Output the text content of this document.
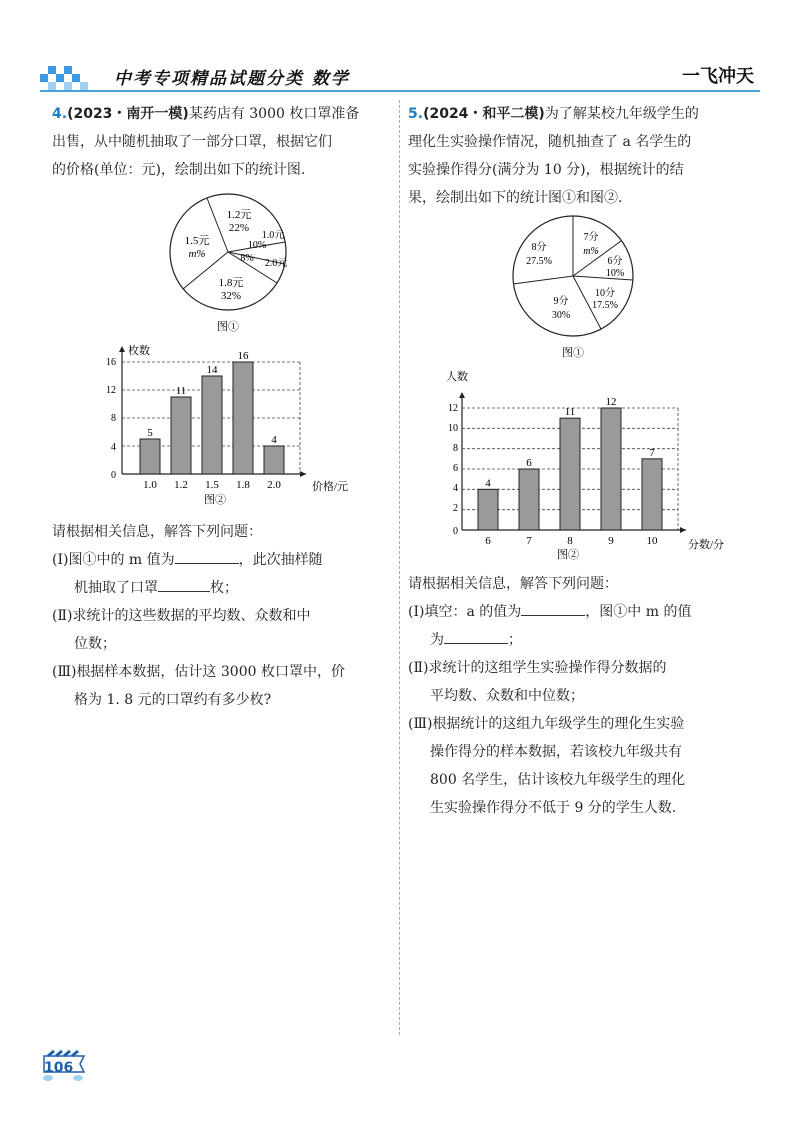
中考专项精品试题分类 数学	一飞冲天

4.(2023・南开一模)某药店有 3000 枚口罩准备

出售，从中随机抽取了一部分口罩，根据它们

的价格(单位：元)，绘制出如下的统计图.

1.2元
22%
1.0元
10%
8% 2.0元
1.8元
32%
1.5元
m%
图①
枚数
价格/元
图②
0
4
8
12
16
5
1.0
11
1.2
14
1.5
16
1.8
4
2.0

请根据相关信息，解答下列问题：

(Ⅰ)图①中的 m 值为	，此次抽样随

机抽取了口罩	枚；

(Ⅱ)求统计的这些数据的平均数、众数和中

位数；

(Ⅲ)根据样本数据，估计这 3000 枚口罩中，价

格为 1. 8 元的口罩约有多少枚?

5.(2024・和平二模)为了解某校九年级学生的

理化生实验操作情况，随机抽查了 a 名学生的

实验操作得分(满分为 10 分)，根据统计的结

果，绘制出如下的统计图①和图②.

7分
m%
6分
10%
10分
17.5%
9分
30%
8分
27.5%
图①
人数
分数/分
图②
0
2
4
6
8
10
12
4
6
6
7
11
8
12
9
7
10

请根据相关信息，解答下列问题：

(Ⅰ)填空：a 的值为	，图①中 m 的值

为	；

(Ⅱ)求统计的这组学生实验操作得分数据的

平均数、众数和中位数；

(Ⅲ)根据统计的这组九年级学生的理化生实验

操作得分的样本数据，若该校九年级共有

800 名学生，估计该校九年级学生的理化

生实验操作得分不低于 9 分的学生人数.

106
